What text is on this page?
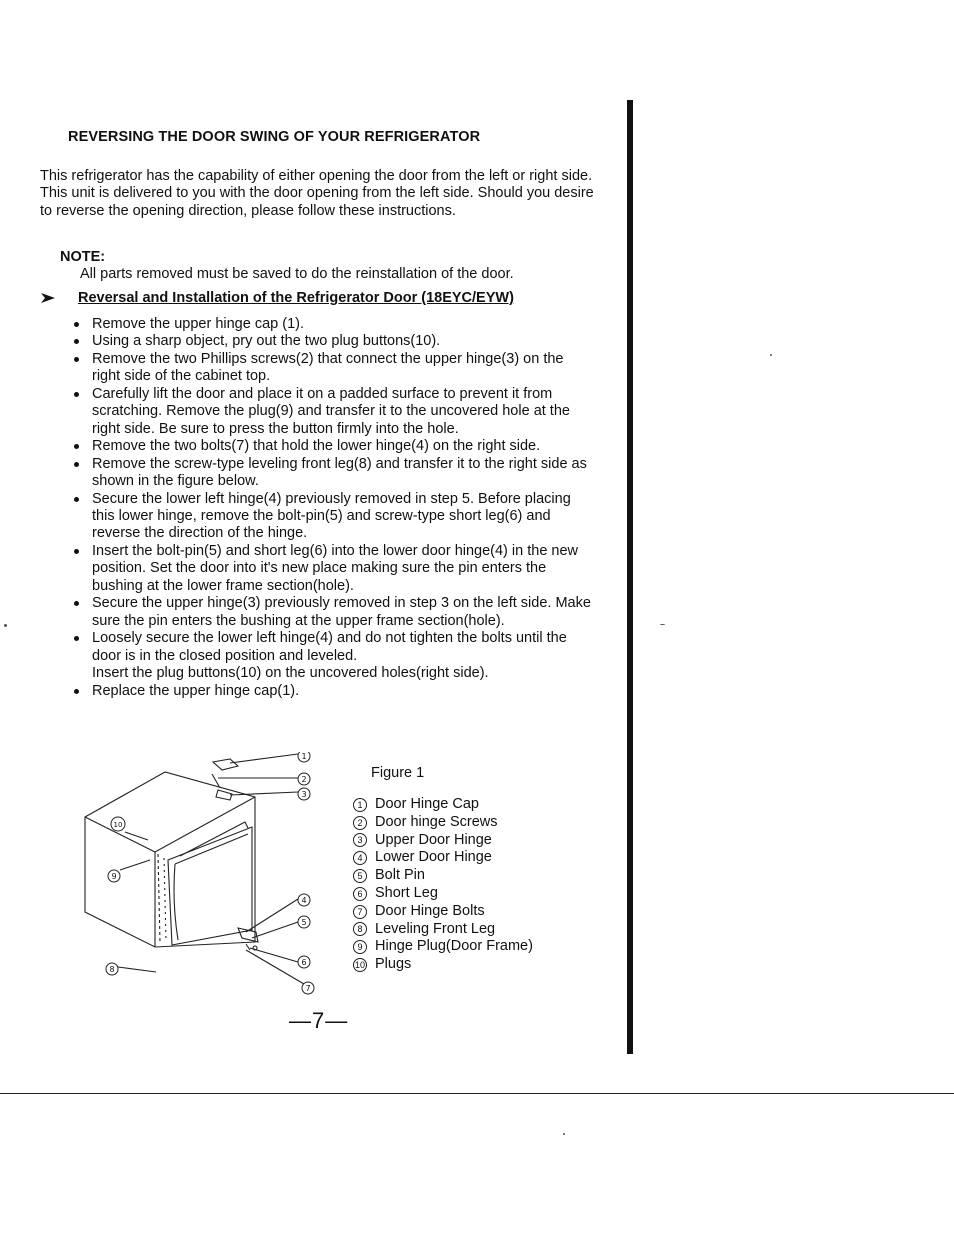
REVERSING THE DOOR SWING OF YOUR REFRIGERATOR
This refrigerator has the capability of either opening the door from the left or right side. This unit is delivered to you with the door opening from the left side. Should you desire to reverse the opening direction, please follow these instructions.
NOTE:
All parts removed must be saved to do the reinstallation of the door.
Reversal and Installation of the Refrigerator Door (18EYC/EYW)
Remove the upper hinge cap (1).
Using a sharp object, pry out the two plug buttons(10).
Remove the two Phillips screws(2) that connect the upper hinge(3) on the right side of the cabinet top.
Carefully lift the door and place it on a padded surface to prevent it from scratching. Remove the plug(9) and transfer it to the uncovered hole at the right side. Be sure to press the button firmly into the hole.
Remove the two bolts(7) that hold the lower hinge(4) on the right side.
Remove the screw-type leveling front leg(8) and transfer it to the right side as shown in the figure below.
Secure the lower left hinge(4) previously removed in step 5. Before placing this lower hinge, remove the bolt-pin(5) and screw-type short leg(6) and reverse the direction of the hinge.
Insert the bolt-pin(5) and short leg(6) into the lower door hinge(4) in the new position. Set the door into it's new place making sure the pin enters the bushing at the lower frame section(hole).
Secure the upper hinge(3) previously removed in step 3 on the left side. Make sure the pin enters the bushing at the upper frame section(hole).
Loosely secure the lower left hinge(4) and do not tighten the bolts until the door is in the closed position and leveled.
Insert the plug buttons(10) on the uncovered holes(right side).
Replace the upper hinge cap(1).
1
2
3
4
5
6
7
8
9
10
Figure 1
1 Door Hinge Cap
2 Door hinge Screws
3 Upper Door Hinge
4 Lower Door Hinge
5 Bolt Pin
6 Short Leg
7 Door Hinge Bolts
8 Leveling Front Leg
9 Hinge Plug(Door Frame)
10 Plugs
—7—
